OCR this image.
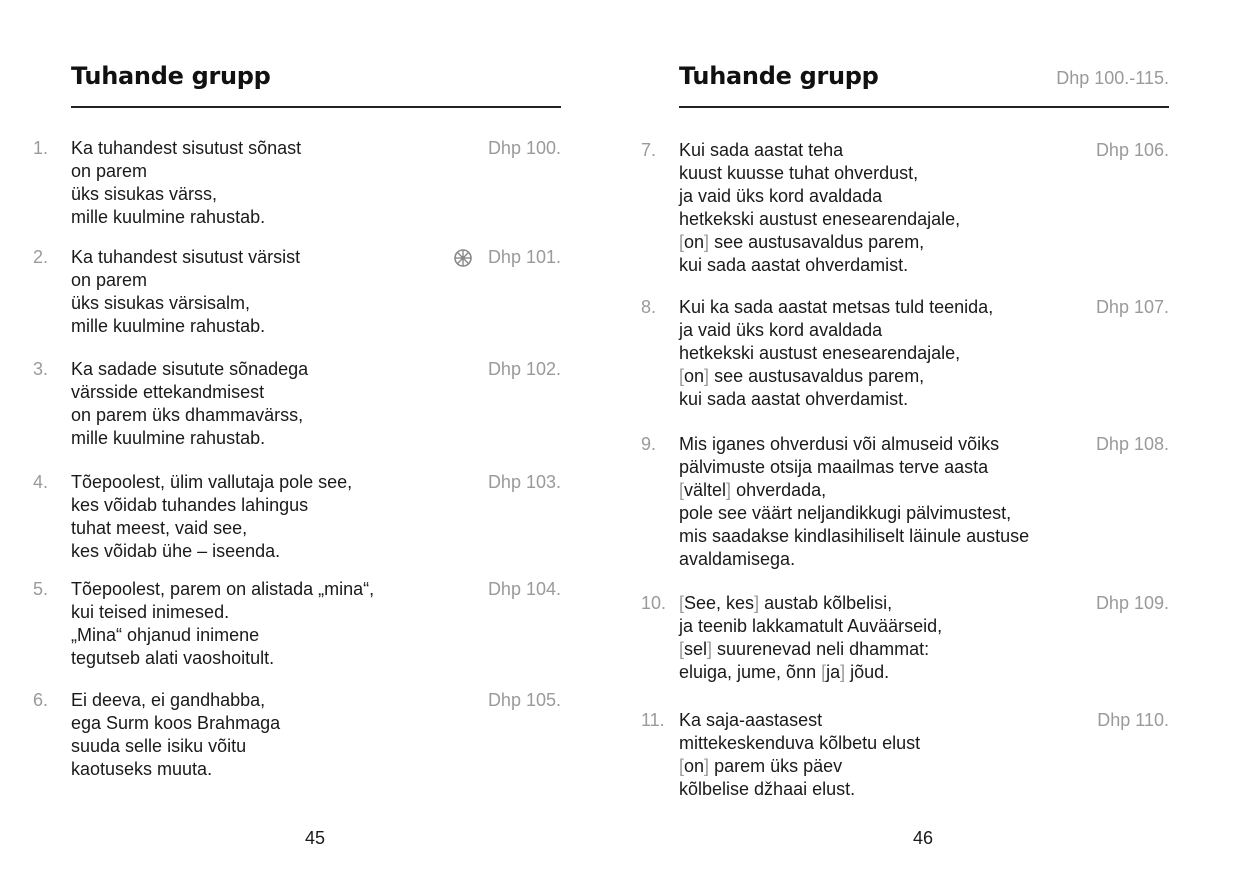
Tuhande grupp
1. Ka tuhandest sisutust sõnast
on parem
üks sisukas värss,
mille kuulmine rahustab.
Dhp 100.
2. Ka tuhandest sisutust värsist
on parem
üks sisukas värsisalm,
mille kuulmine rahustab.
Dhp 101.
3. Ka sadade sisutute sõnadega
värsside ettekandmisest
on parem üks dhammavärss,
mille kuulmine rahustab.
Dhp 102.
4. Tõepoolest, ülim vallutaja pole see,
kes võidab tuhandes lahingus
tuhat meest, vaid see,
kes võidab ühe – iseenda.
Dhp 103.
5. Tõepoolest, parem on alistada „mina“,
kui teised inimesed.
„Mina“ ohjanud inimene
tegutseb alati vaoshoitult.
Dhp 104.
6. Ei deeva, ei gandhabba,
ega Surm koos Brahmaga
suuda selle isiku võitu
kaotuseks muuta.
Dhp 105.
45
Tuhande grupp	Dhp 100.-115.
7. Kui sada aastat teha
kuust kuusse tuhat ohverdust,
ja vaid üks kord avaldada
hetkekski austust enesearendajale,
[on] see austusavaldus parem,
kui sada aastat ohverdamist.
Dhp 106.
8. Kui ka sada aastat metsas tuld teenida,
ja vaid üks kord avaldada
hetkekski austust enesearendajale,
[on] see austusavaldus parem,
kui sada aastat ohverdamist.
Dhp 107.
9. Mis iganes ohverdusi või almuseid võiks
pälvimuste otsija maailmas terve aasta
[vältel] ohverdada,
pole see väärt neljandikkugi pälvimustest,
mis saadakse kindlasihiliselt läinule austuse
avaldamisega.
Dhp 108.
10. [See, kes] austab kõlbelisi,
ja teenib lakkamatult Auväärseid,
[sel] suurenevad neli dhammat:
eluiga, jume, õnn [ja] jõud.
Dhp 109.
11. Ka saja-aastasest
mittekeskenduva kõlbetu elust
[on] parem üks päev
kõlbelise džhaai elust.
Dhp 110.
46
